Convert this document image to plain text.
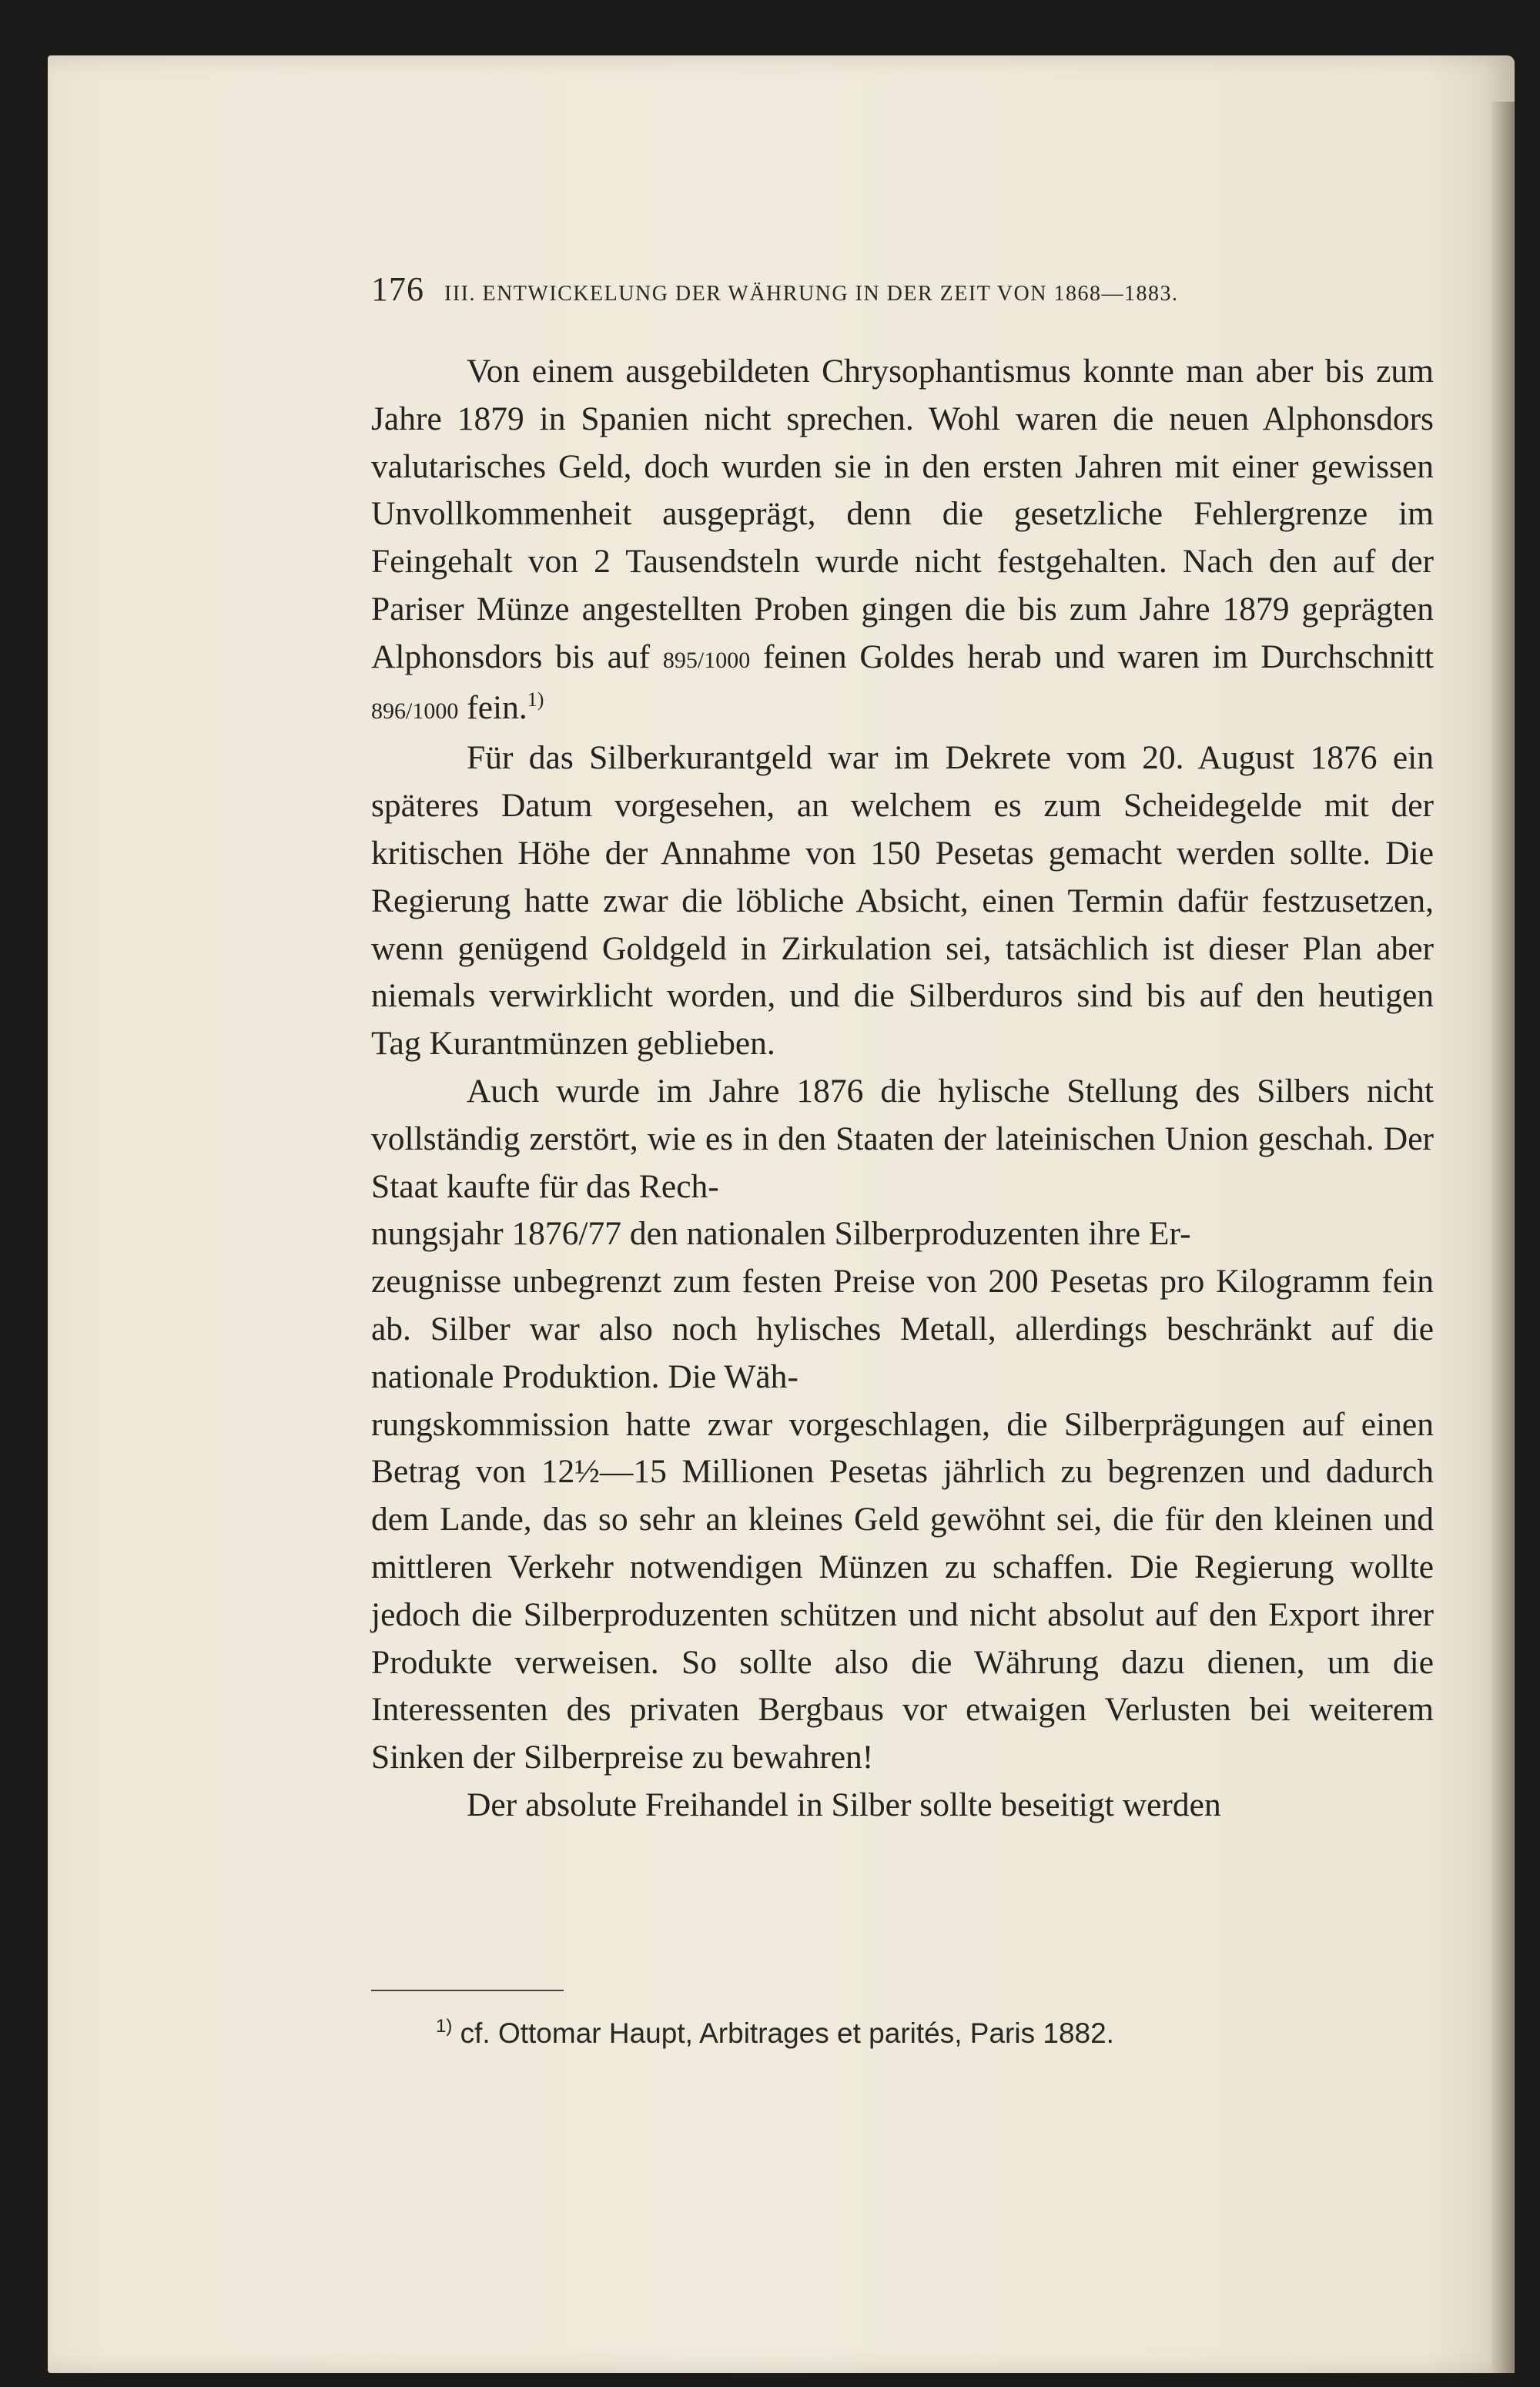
176 III. ENTWICKELUNG DER WÄHRUNG IN DER ZEIT VON 1868—1883.

Von einem ausgebildeten Chrysophantismus konnte man aber bis zum Jahre 1879 in Spanien nicht sprechen. Wohl waren die neuen Alphonsdors valutarisches Geld, doch wurden sie in den ersten Jahren mit einer gewissen Unvollkommenheit ausgeprägt, denn die gesetzliche Fehlergrenze im Feingehalt von 2 Tausendsteln wurde nicht festgehalten. Nach den auf der Pariser Münze angestellten Proben gingen die bis zum Jahre 1879 geprägten Alphonsdors bis auf 895/1000 feinen Goldes herab und waren im Durchschnitt 896/1000 fein.$^{1)}$

Für das Silberkurantgeld war im Dekrete vom 20. August 1876 ein späteres Datum vorgesehen, an welchem es zum Scheidegelde mit der kritischen Höhe der Annahme von 150 Pesetas gemacht werden sollte. Die Regierung hatte zwar die löbliche Absicht, einen Termin dafür festzusetzen, wenn genügend Goldgeld in Zirkulation sei, tatsächlich ist dieser Plan aber niemals verwirklicht worden, und die Silberduros sind bis auf den heutigen Tag Kurantmünzen geblieben.

Auch wurde im Jahre 1876 die hylische Stellung des Silbers nicht vollständig zerstört, wie es in den Staaten der lateinischen Union geschah. Der Staat kaufte für das Rech-
nungsjahr 1876/77 den nationalen Silberproduzenten ihre Er-
zeugnisse unbegrenzt zum festen Preise von 200 Pesetas pro Kilogramm fein ab. Silber war also noch hylisches Metall, allerdings beschränkt auf die nationale Produktion. Die Wäh-
rungskommission hatte zwar vorgeschlagen, die Silberprägungen auf einen Betrag von 12½—15 Millionen Pesetas jährlich zu begrenzen und dadurch dem Lande, das so sehr an kleines Geld gewöhnt sei, die für den kleinen und mittleren Verkehr notwendigen Münzen zu schaffen. Die Regierung wollte jedoch die Silberproduzenten schützen und nicht absolut auf den Export ihrer Produkte verweisen. So sollte also die Währung dazu dienen, um die Interessenten des privaten Bergbaus vor etwaigen Verlusten bei weiterem Sinken der Silberpreise zu bewahren!

Der absolute Freihandel in Silber sollte beseitigt werden

$^{1)}$ cf. Ottomar Haupt, Arbitrages et parités, Paris 1882.
